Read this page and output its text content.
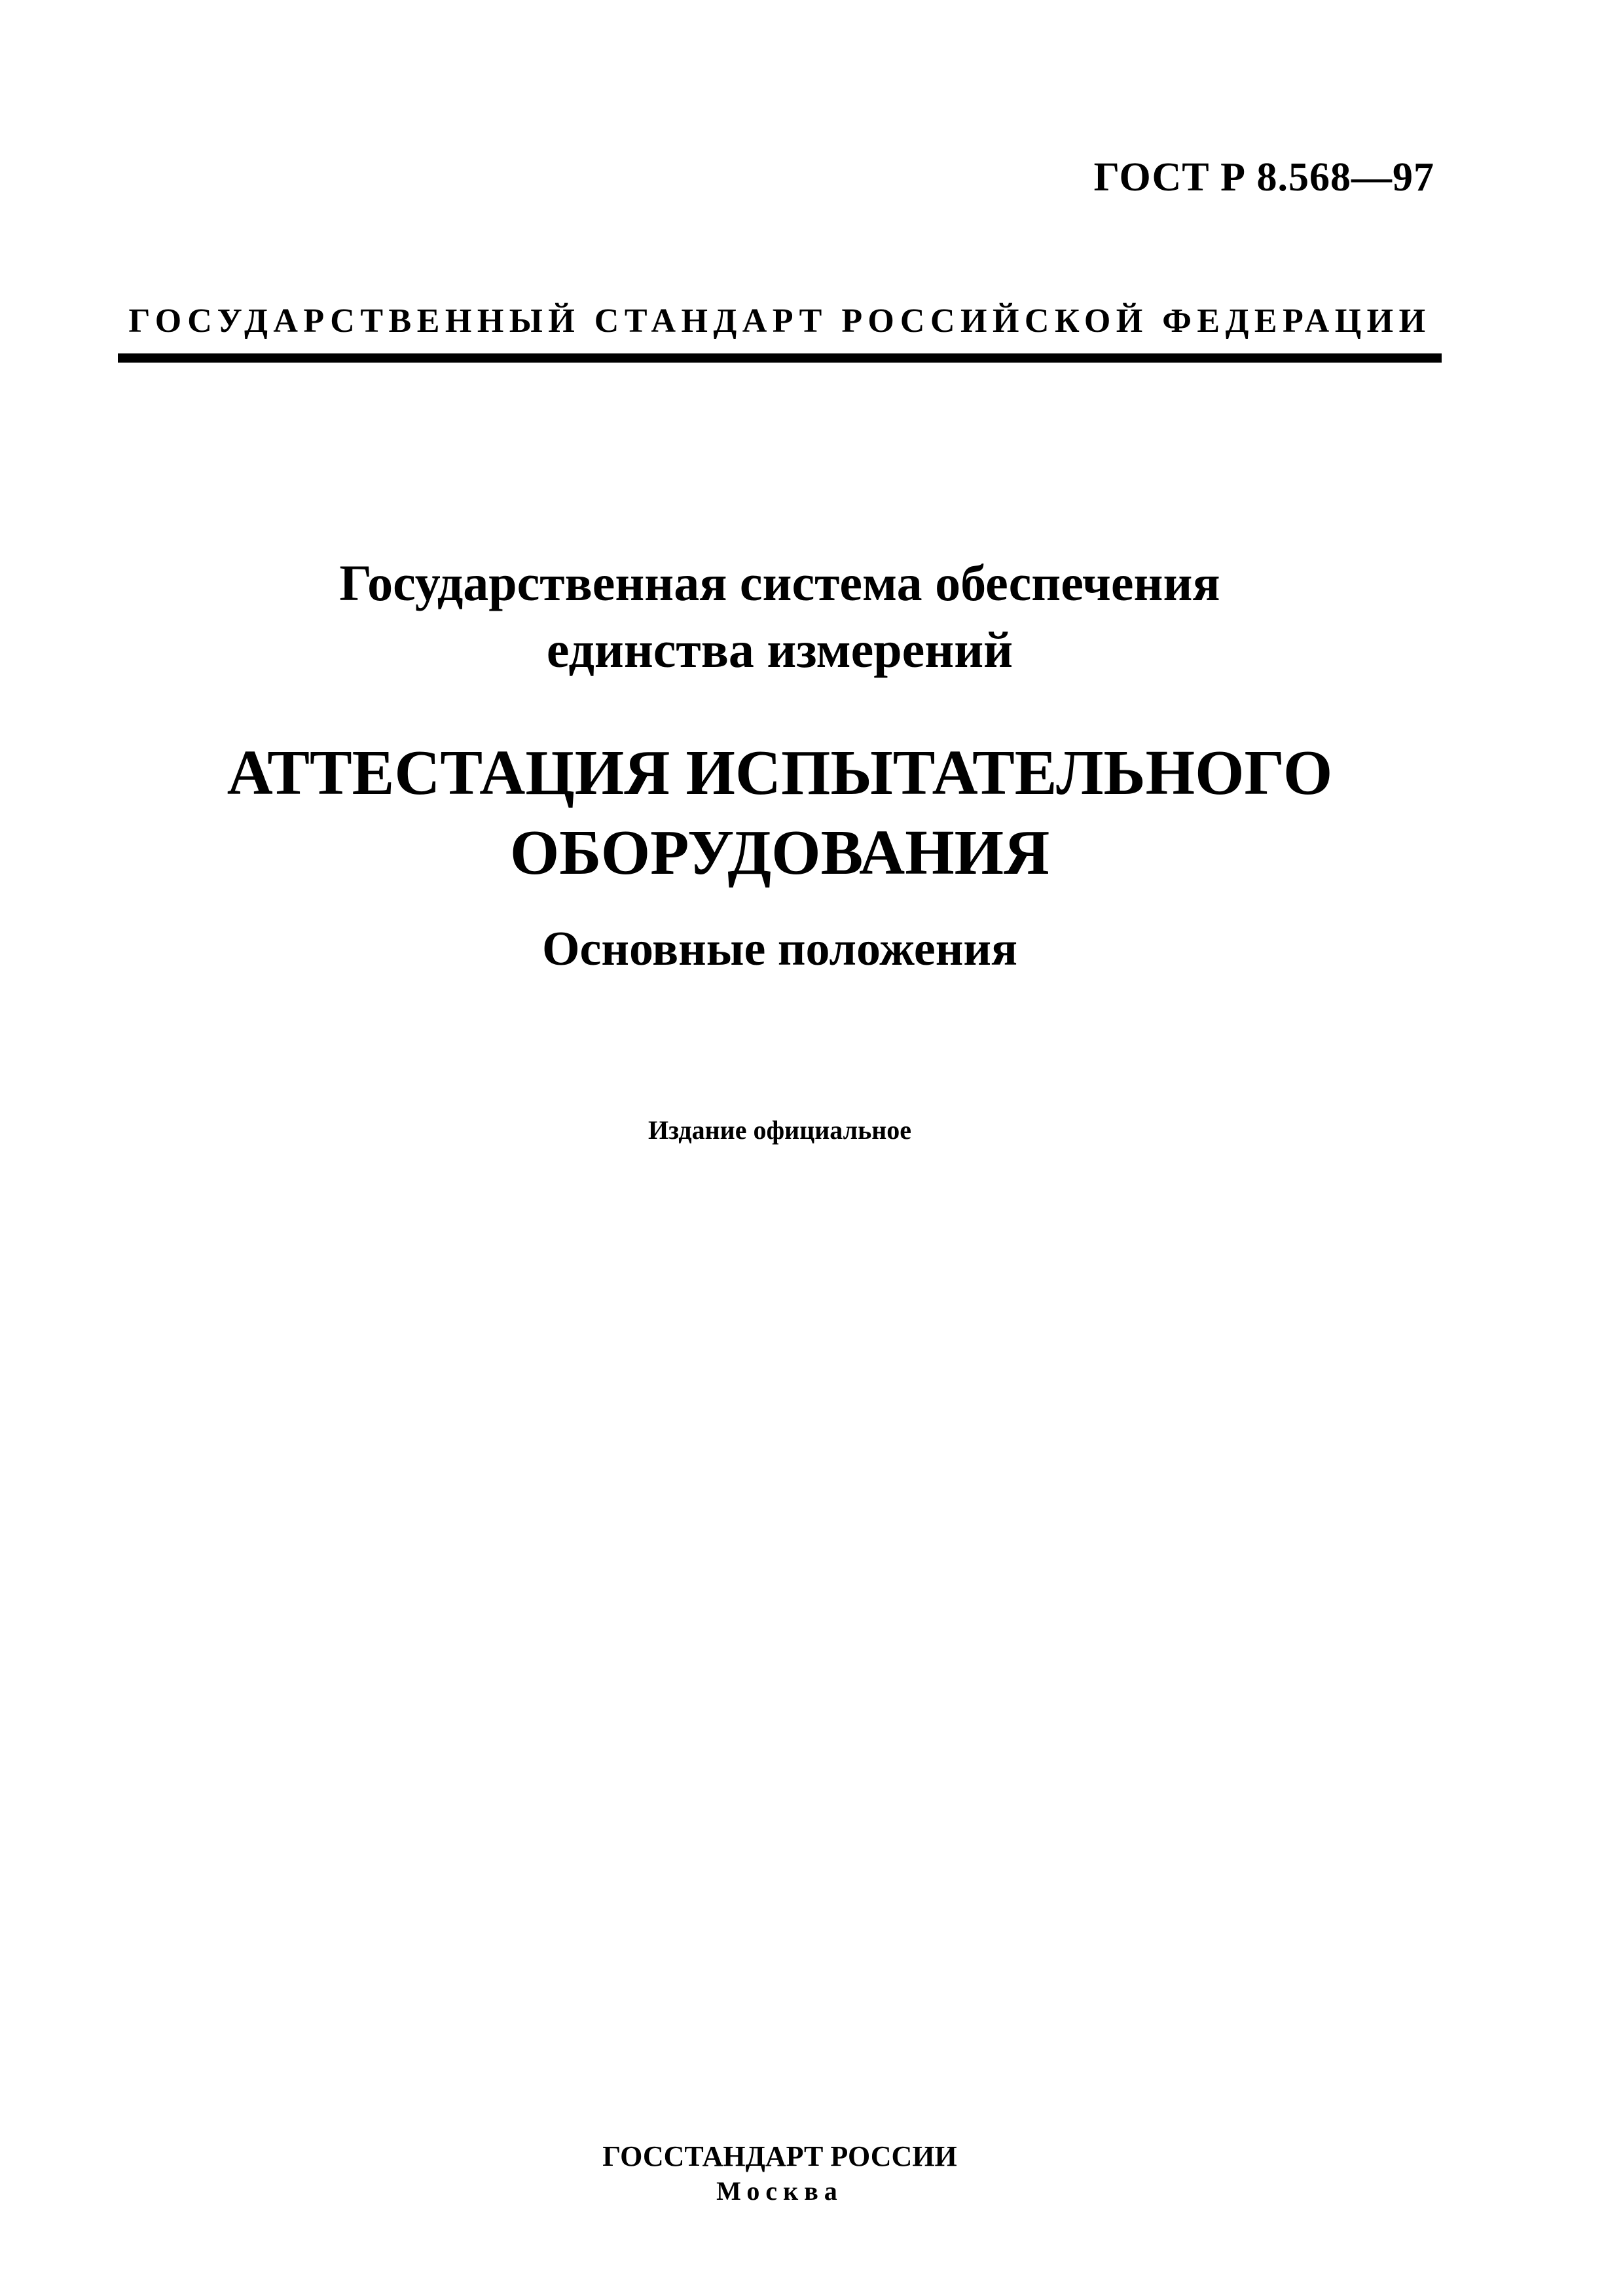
ГОСТ Р 8.568—97
ГОСУДАРСТВЕННЫЙ СТАНДАРТ РОССИЙСКОЙ ФЕДЕРАЦИИ
Государственная система обеспечения
единства измерений
АТТЕСТАЦИЯ ИСПЫТАТЕЛЬНОГО
ОБОРУДОВАНИЯ
Основные положения
Издание официальное
ГОССТАНДАРТ РОССИИ
Москва
